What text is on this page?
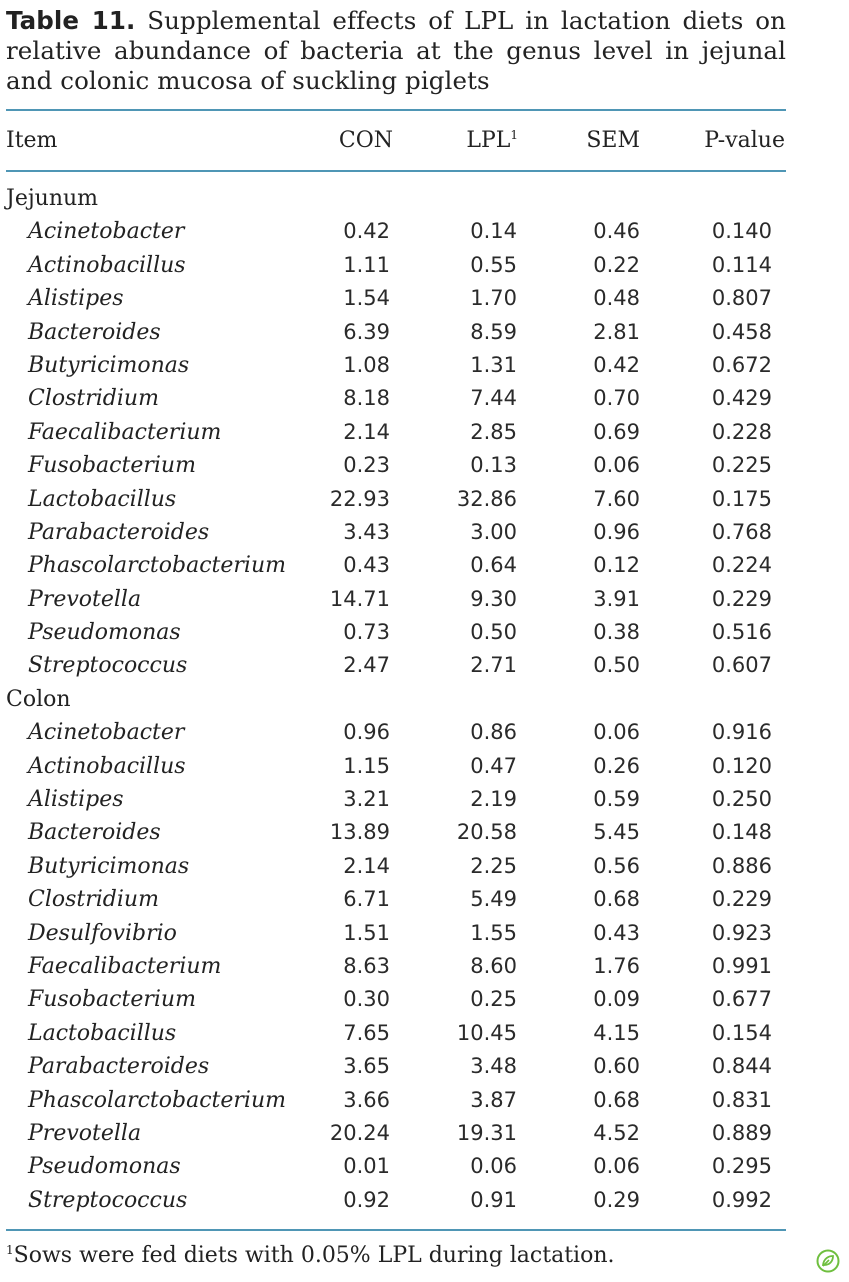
Table 11. Supplemental effects of LPL in lactation diets on relative abundance of bacteria at the genus level in jejunal and colonic mucosa of suckling piglets
Item	CON	LPL$^1$	SEM	P-value
Jejunum
Acinetobacter	0.42	0.14	0.46	0.140
Actinobacillus	1.11	0.55	0.22	0.114
Alistipes	1.54	1.70	0.48	0.807
Bacteroides	6.39	8.59	2.81	0.458
Butyricimonas	1.08	1.31	0.42	0.672
Clostridium	8.18	7.44	0.70	0.429
Faecalibacterium	2.14	2.85	0.69	0.228
Fusobacterium	0.23	0.13	0.06	0.225
Lactobacillus	22.93	32.86	7.60	0.175
Parabacteroides	3.43	3.00	0.96	0.768
Phascolarctobacterium	0.43	0.64	0.12	0.224
Prevotella	14.71	9.30	3.91	0.229
Pseudomonas	0.73	0.50	0.38	0.516
Streptococcus	2.47	2.71	0.50	0.607
Colon
Acinetobacter	0.96	0.86	0.06	0.916
Actinobacillus	1.15	0.47	0.26	0.120
Alistipes	3.21	2.19	0.59	0.250
Bacteroides	13.89	20.58	5.45	0.148
Butyricimonas	2.14	2.25	0.56	0.886
Clostridium	6.71	5.49	0.68	0.229
Desulfovibrio	1.51	1.55	0.43	0.923
Faecalibacterium	8.63	8.60	1.76	0.991
Fusobacterium	0.30	0.25	0.09	0.677
Lactobacillus	7.65	10.45	4.15	0.154
Parabacteroides	3.65	3.48	0.60	0.844
Phascolarctobacterium	3.66	3.87	0.68	0.831
Prevotella	20.24	19.31	4.52	0.889
Pseudomonas	0.01	0.06	0.06	0.295
Streptococcus	0.92	0.91	0.29	0.992
$^1$Sows were fed diets with 0.05% LPL during lactation.
